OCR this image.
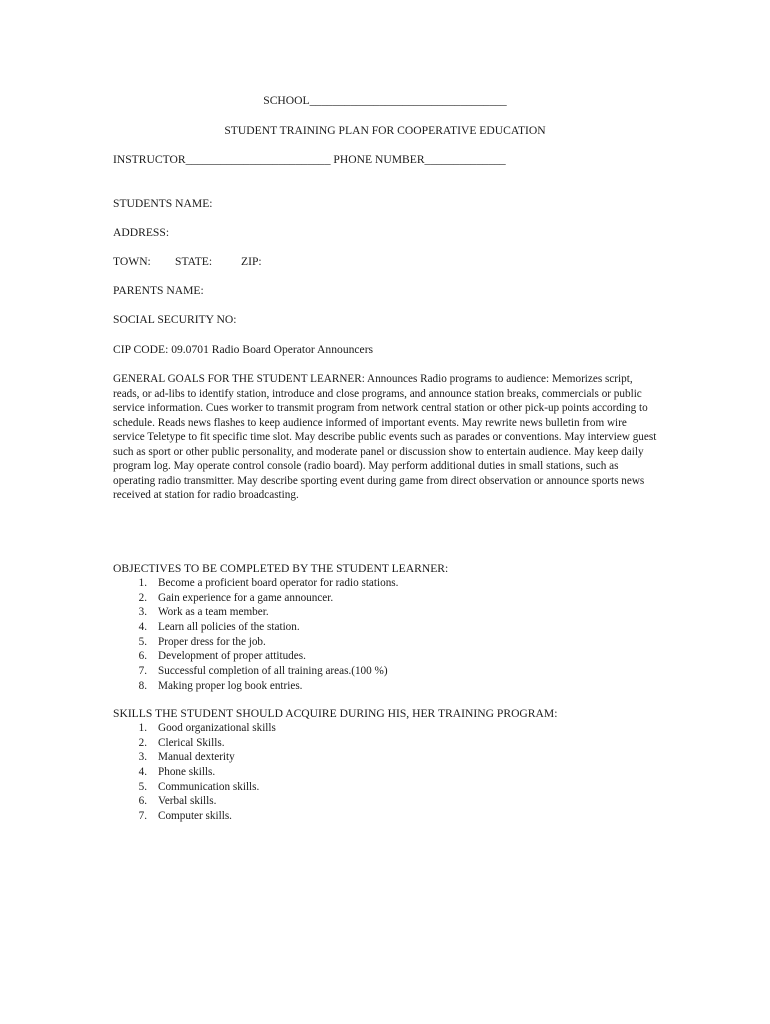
SCHOOL__________________________________
STUDENT TRAINING PLAN FOR COOPERATIVE EDUCATION
INSTRUCTOR_________________________ PHONE NUMBER______________
STUDENTS NAME:
ADDRESS:
TOWN: STATE: ZIP:
PARENTS NAME:
SOCIAL SECURITY NO:
CIP CODE: 09.0701 Radio Board Operator Announcers
GENERAL GOALS FOR THE STUDENT LEARNER: Announces Radio programs to audience: Memorizes script, reads, or ad-libs to identify station, introduce and close programs, and announce station breaks, commercials or public service information. Cues worker to transmit program from network central station or other pick-up points according to schedule. Reads news flashes to keep audience informed of important events. May rewrite news bulletin from wire service Teletype to fit specific time slot. May describe public events such as parades or conventions. May interview guest such as sport or other public personality, and moderate panel or discussion show to entertain audience. May keep daily program log. May operate control console (radio board). May perform additional duties in small stations, such as operating radio transmitter. May describe sporting event during game from direct observation or announce sports news received at station for radio broadcasting.
OBJECTIVES TO BE COMPLETED BY THE STUDENT LEARNER:
1. Become a proficient board operator for radio stations.
2. Gain experience for a game announcer.
3. Work as a team member.
4. Learn all policies of the station.
5. Proper dress for the job.
6. Development of proper attitudes.
7. Successful completion of all training areas.(100 %)
8. Making proper log book entries.
SKILLS THE STUDENT SHOULD ACQUIRE DURING HIS, HER TRAINING PROGRAM:
1. Good organizational skills
2. Clerical Skills.
3. Manual dexterity
4. Phone skills.
5. Communication skills.
6. Verbal skills.
7. Computer skills.
